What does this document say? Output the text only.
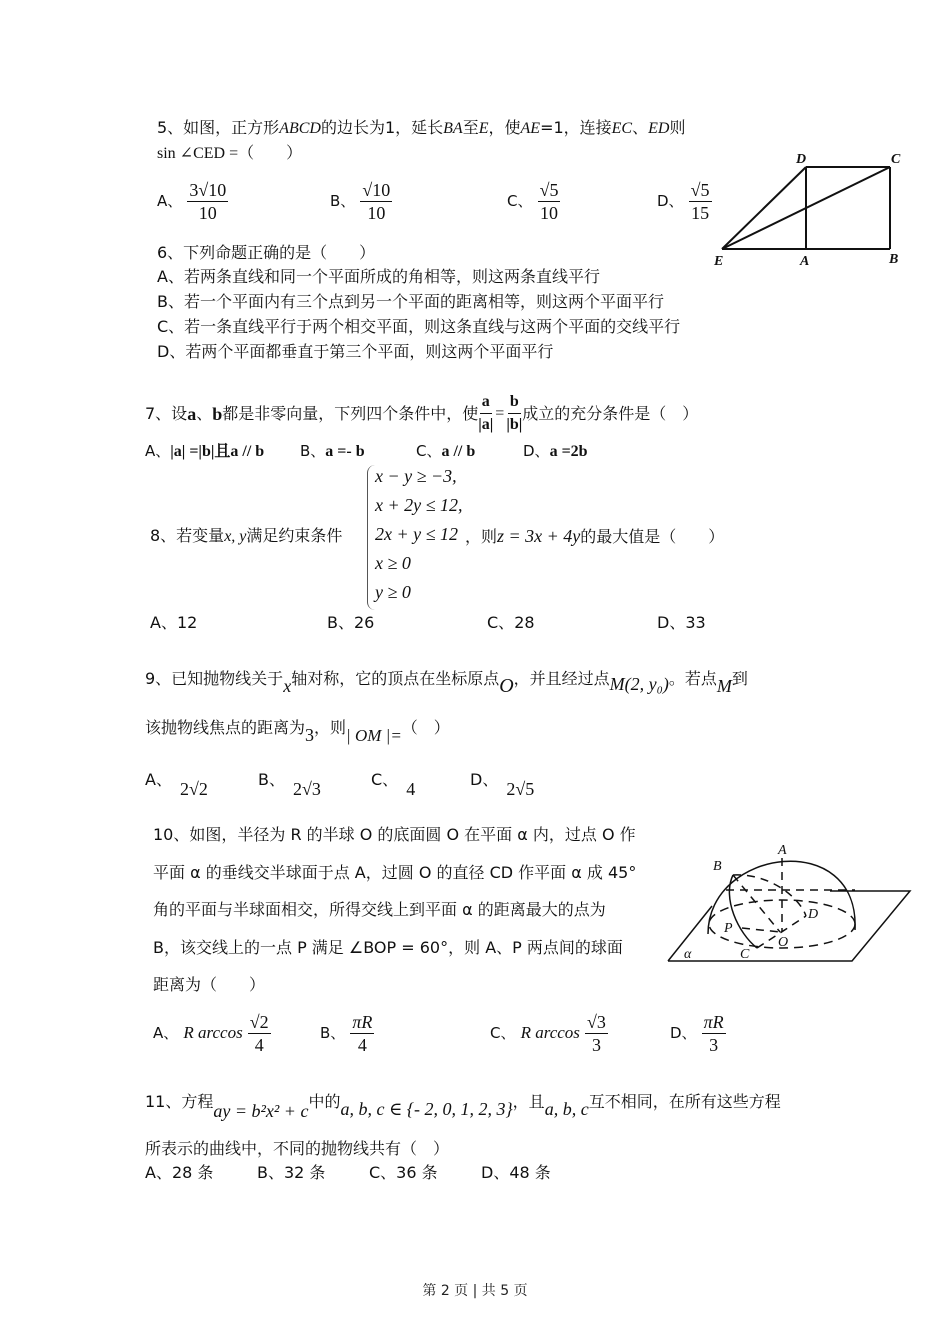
5、如图，正方形ABCD的边长为1，延长BA至E，使AE=1，连接EC、ED则
sin ∠CED =（　　）
A、 $\frac{3√10}{10}$	B、 $\frac{√10}{10}$	C、 $\frac{√5}{10}$	D、 $\frac{√5}{15}$
D	C
E	A	B
6、下列命题正确的是（　　）
A、若两条直线和同一个平面所成的角相等，则这两条直线平行
B、若一个平面内有三个点到另一个平面的距离相等，则这两个平面平行
C、若一条直线平行于两个相交平面，则这条直线与这两个平面的交线平行
D、若两个平面都垂直于第三个平面，则这两个平面平行
7、设 a 、 b 都是非零向量，下列四个条件中，使 $\frac{a}{|a|} = \frac{b}{|b|}$ 成立的充分条件是（　）
A、|a| =|b|且a // b B、a =- b	C、a // b	D、a =2b
8、若变量x, y满足约束条件
x − y ≥ −3,
x + 2y ≤ 12,
2x + y ≤ 12
x ≥ 0
y ≥ 0
，则z = 3x + 4y的最大值是（　　）
A、12	B、26	C、28	D、33
9、已知抛物线关于x轴对称，它的顶点在坐标原点O，并且经过点M(2, y₀)。若点M到
该抛物线焦点的距离为3，则| OM |=（　）
A、 2√2	B、 2√3	C、 4	D、 2√5
10、如图，半径为 R 的半球 O 的底面圆 O 在平面 α 内，过点 O 作
平面 α 的垂线交半球面于点 A，过圆 O 的直径 CD 作平面 α 成 45°
角的平面与半球面相交，所得交线上到平面 α 的距离最大的点为
B，该交线上的一点 P 满足 ∠BOP = 60°，则 A、P 两点间的球面
距离为（　　）
A、 R $\arccos \frac{√2}{4}$	B、 $\frac{\pi R}{4}$	C、 R $\arccos \frac{√3}{3}$	D、 $\frac{\pi R}{3}$
A
B
D
P
O
C
α
11、方程ay = b²x² + c中的a, b, c ∈ {- 2, 0, 1, 2, 3}，且a, b, c互不相同，在所有这些方程
所表示的曲线中，不同的抛物线共有（　）
A、28 条	B、32 条	C、36 条	D、48 条
第 2 页 | 共 5 页
